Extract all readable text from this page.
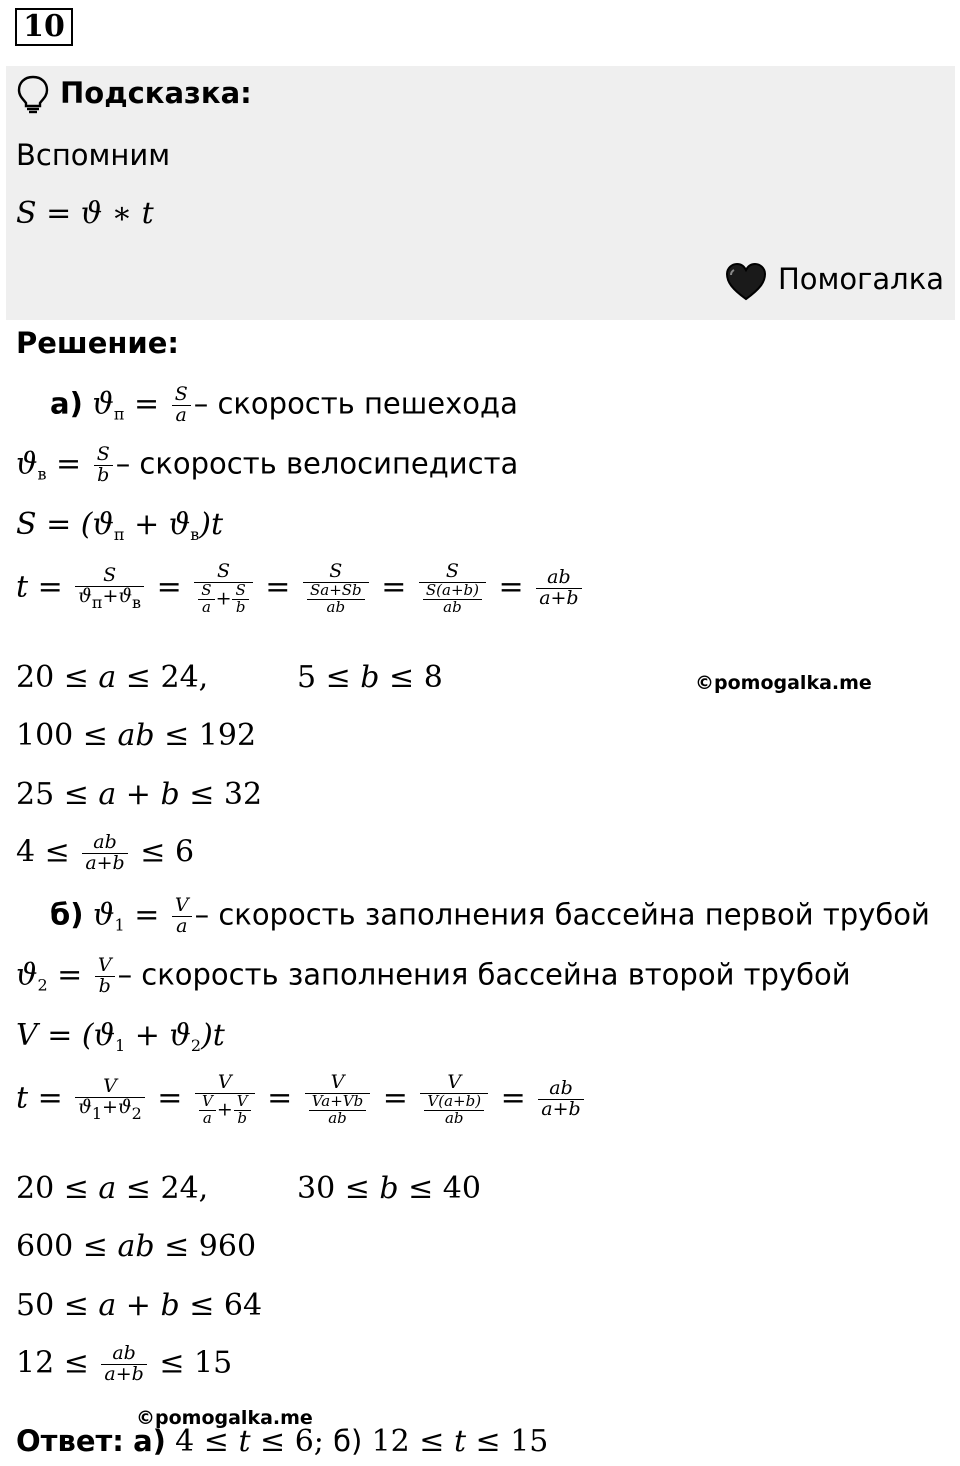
10
Подсказка:
Вспомним
S = ϑ ∗ t
Помогалка
Решение:
а) $ϑ_п = \frac{S}{a}$ – скорость пешехода
$ϑ_в = \frac{S}{b}$ – скорость велосипедиста
$S = (ϑ_п + ϑ_в)t$
$t = \frac{S}{ϑ_п+ϑ_в} = \frac{S}{\frac{S}{a} + \frac{S}{b}} = \frac{S}{\frac{Sa+Sb}{ab}} = \frac{S}{\frac{S(a+b)}{ab}} = \frac{ab}{a+b}$
20 ≤ 𝑎 ≤ 24,	5 ≤ 𝑏 ≤ 8	©pomogalka.me
100 ≤ 𝑎𝑏 ≤ 192
25 ≤ 𝑎 + 𝑏 ≤ 32
$4 \le \frac{ab}{a+b} \le 6$
б) $ϑ_1 = \frac{V}{a}$ – скорость заполнения бассейна первой трубой
$ϑ_2 = \frac{V}{b}$ – скорость заполнения бассейна второй трубой
$V = (ϑ_1 + ϑ_2)t$
$t = \frac{V}{ϑ_1+ϑ_2} = \frac{V}{\frac{V}{a} + \frac{V}{b}} = \frac{V}{\frac{Va+Vb}{ab}} = \frac{V}{\frac{V(a+b)}{ab}} = \frac{ab}{a+b}$
20 ≤ 𝑎 ≤ 24,	30 ≤ 𝑏 ≤ 40
600 ≤ 𝑎𝑏 ≤ 960
50 ≤ 𝑎 + 𝑏 ≤ 64
$12 \le \frac{ab}{a+b} \le 15$
©pomogalka.me
Ответ: а) 4 ≤ 𝑡 ≤ 6; б) 12 ≤ 𝑡 ≤ 15
